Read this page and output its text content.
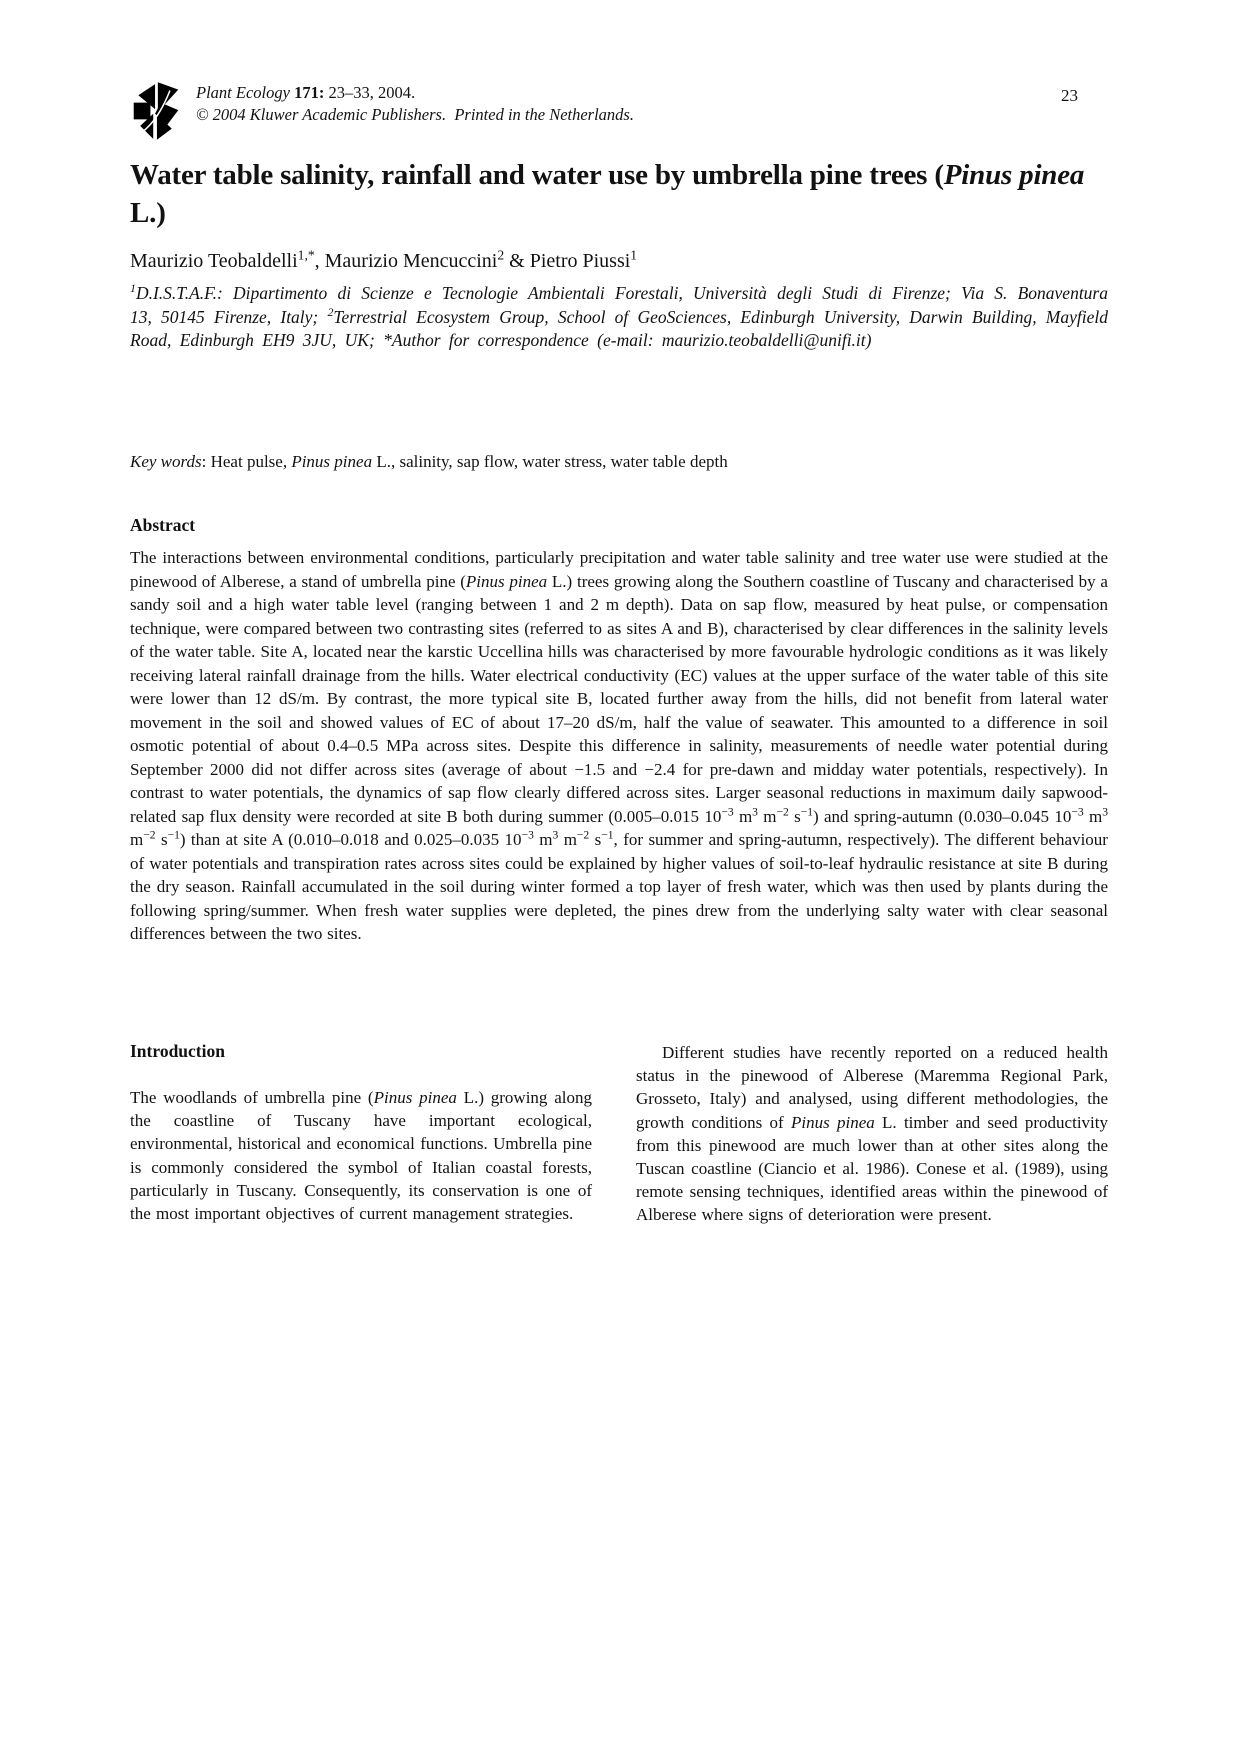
Plant Ecology 171: 23–33, 2004.
© 2004 Kluwer Academic Publishers.  Printed in the Netherlands.
23
Water table salinity, rainfall and water use by umbrella pine trees (Pinus pinea L.)
Maurizio Teobaldelli$^{1,*}$, Maurizio Mencuccini$^2$ & Pietro Piussi$^1$
$^1$D.I.S.T.A.F.: Dipartimento di Scienze e Tecnologie Ambientali Forestali, Università degli Studi di Firenze; Via S. Bonaventura 13, 50145 Firenze, Italy; $^2$Terrestrial Ecosystem Group, School of GeoSciences, Edinburgh University, Darwin Building, Mayfield Road, Edinburgh EH9 3JU, UK; *Author for correspondence (e-mail: maurizio.teobaldelli@unifi.it)
Key words: Heat pulse, Pinus pinea L., salinity, sap flow, water stress, water table depth
Abstract

The interactions between environmental conditions, particularly precipitation and water table salinity and tree water use were studied at the pinewood of Alberese, a stand of umbrella pine (Pinus pinea L.) trees growing along the Southern coastline of Tuscany and characterised by a sandy soil and a high water table level (ranging between 1 and 2 m depth). Data on sap flow, measured by heat pulse, or compensation technique, were compared between two contrasting sites (referred to as sites A and B), characterised by clear differences in the salinity levels of the water table. Site A, located near the karstic Uccellina hills was characterised by more favourable hydrologic conditions as it was likely receiving lateral rainfall drainage from the hills. Water electrical conductivity (EC) values at the upper surface of the water table of this site were lower than 12 dS/m. By contrast, the more typical site B, located further away from the hills, did not benefit from lateral water movement in the soil and showed values of EC of about 17–20 dS/m, half the value of seawater. This amounted to a difference in soil osmotic potential of about 0.4–0.5 MPa across sites. Despite this difference in salinity, measurements of needle water potential during September 2000 did not differ across sites (average of about −1.5 and −2.4 for pre-dawn and midday water potentials, respectively). In contrast to water potentials, the dynamics of sap flow clearly differed across sites. Larger seasonal reductions in maximum daily sapwood-related sap flux density were recorded at site B both during summer (0.005–0.015 $10^{-3}$ $m^3$ $m^{-2}$ $s^{-1}$) and spring-autumn (0.030–0.045 $10^{-3}$ $m^3$ $m^{-2}$ $s^{-1}$) than at site A (0.010–0.018 and 0.025–0.035 $10^{-3}$ $m^3$ $m^{-2}$ $s^{-1}$, for summer and spring-autumn, respectively). The different behaviour of water potentials and transpiration rates across sites could be explained by higher values of soil-to-leaf hydraulic resistance at site B during the dry season. Rainfall accumulated in the soil during winter formed a top layer of fresh water, which was then used by plants during the following spring/summer. When fresh water supplies were depleted, the pines drew from the underlying salty water with clear seasonal differences between the two sites.

Introduction

The woodlands of umbrella pine (Pinus pinea L.) growing along the coastline of Tuscany have important ecological, environmental, historical and economical functions. Umbrella pine is commonly considered the symbol of Italian coastal forests, particularly in Tuscany. Consequently, its conservation is one of the most important objectives of current management strategies.

Different studies have recently reported on a reduced health status in the pinewood of Alberese (Maremma Regional Park, Grosseto, Italy) and analysed, using different methodologies, the growth conditions of Pinus pinea L. timber and seed productivity from this pinewood are much lower than at other sites along the Tuscan coastline (Ciancio et al. 1986). Conese et al. (1989), using remote sensing techniques, identified areas within the pinewood of Alberese where signs of deterioration were present.
